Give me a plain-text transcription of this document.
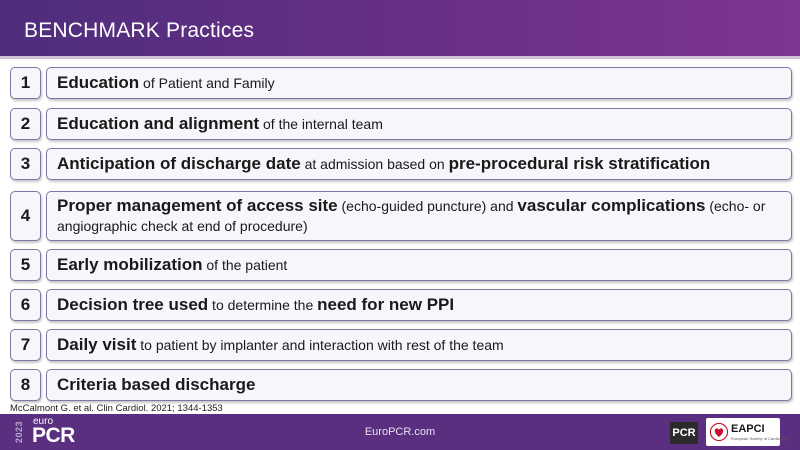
BENCHMARK Practices
1	Education of Patient and Family
2	Education and alignment of the internal team
3	Anticipation of discharge date at admission based on pre-procedural risk stratification
4
Proper management of access site (echo-guided puncture) and vascular complications (echo- or angiographic check at end of procedure)
5	Early mobilization of the patient
6	Decision tree used to determine the need for new PPI
7	Daily visit to patient by implanter and interaction with rest of the team
8	Criteria based discharge
McCalmont G. et al. Clin Cardiol. 2021; 1344-1353
2023 euro
PCR	EuroPCR.com	PCR	EAPCI
European Society of Cardiology
